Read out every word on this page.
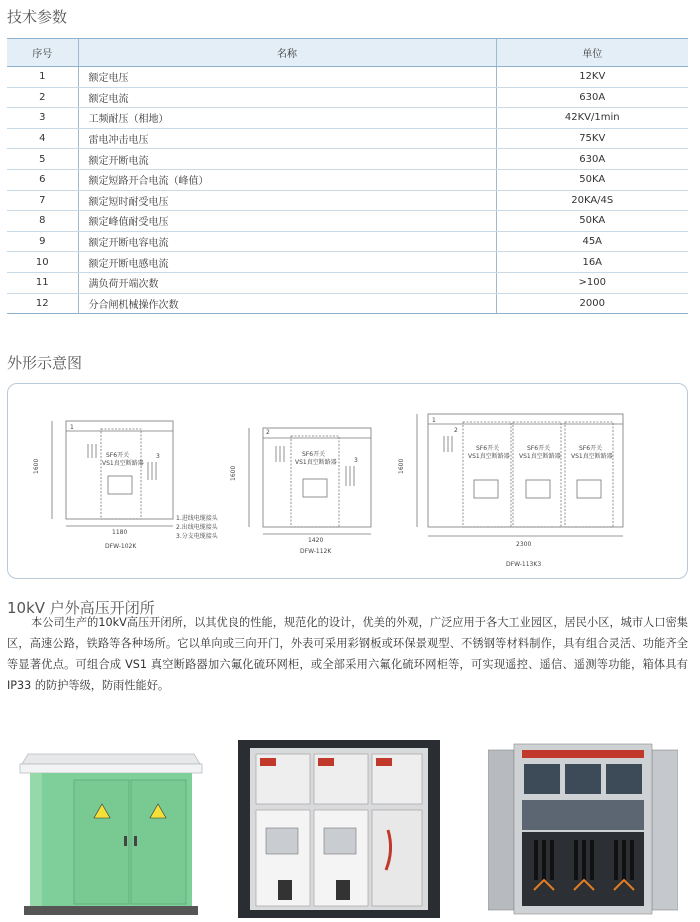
技术参数
序号	名称	单位
1	额定电压	12KV
2	额定电流	630A
3	工频耐压（相地）	42KV/1min
4	雷电冲击电压	75KV
5	额定开断电流	630A
6	额定短路开合电流（峰值）	50KA
7	额定短时耐受电压	20KA/4S
8	额定峰值耐受电压	50KA
9	额定开断电容电流	45A
10	额定开断电感电流	16A
11	满负荷开端次数	>100
12	分合闸机械操作次数	2000
外形示意图
1600
1180
DFW-102K
SF6开关
VS1真空断路器
1
3
1.进线电缆接头
2.出线电缆接头
3.分支电缆接头
1600
1420
DFW-112K
SF6开关
VS1真空断路器
2
3	1600
2300
DFW-113K3
SF6开关
VS1真空断路器
SF6开关
VS1真空断路器
SF6开关
VS1真空断路器
1
2
10kV 户外高压开闭所

本公司生产的10kV高压开闭所，以其优良的性能，规范化的设计，优美的外观，广泛应用于各大工业园区，居民小区，城市人口密集区，高速公路，铁路等各种场所。它以单向或三向开门，外表可采用彩钢板或环保景观型、不锈钢等材料制作，具有组合灵活、功能齐全等显著优点。可组合成 VS1 真空断路器加六氟化硫环网柜，或全部采用六氟化硫环网柜等，可实现遥控、遥信、遥测等功能，箱体具有 IP33 的防护等级，防雨性能好。
